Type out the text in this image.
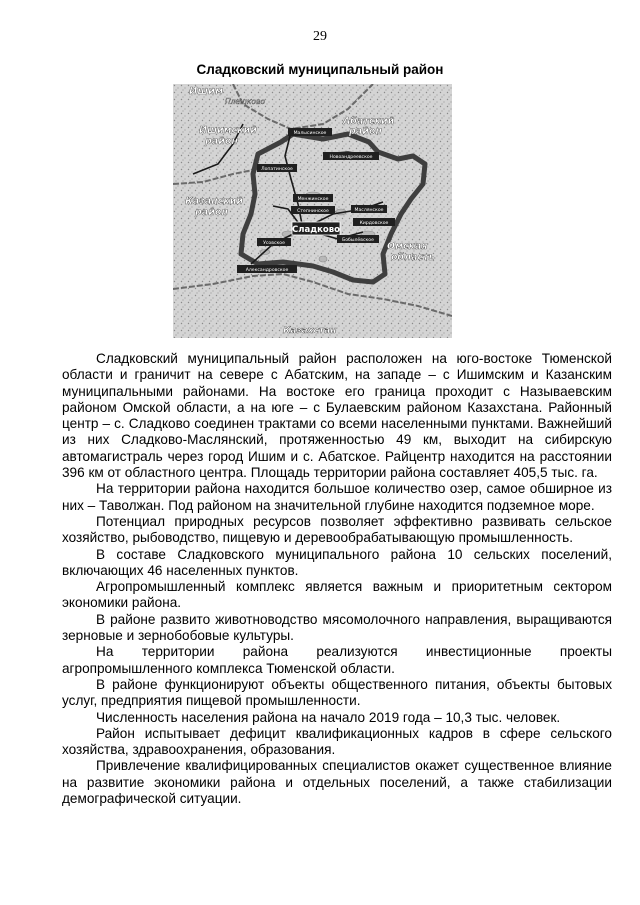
29
Сладковский муниципальный район
Ишим
Плешково
Ишимский район
Абатский район
Казанский район
Омская область
Казахстан
Малысинское
Новоандреевское
Лопатинское
Степнинское	Маслянское
Кирдовское
Сладково
Усовское
Александровское
Бобылёвское
Менжинское

Сладковский муниципальный район расположен на юго-востоке Тюменской области и граничит на севере с Абатским, на западе – с Ишимским и Казанским муниципальными районами. На востоке его граница проходит с Называевским районом Омской области, а на юге – с Булаевским районом Казахстана. Районный центр – с. Сладково соединен трактами со всеми населенными пунктами. Важнейший из них Сладково-Маслянский, протяженностью 49 км, выходит на сибирскую автомагистраль через город Ишим и с. Абатское. Райцентр находится на расстоянии 396 км от областного центра. Площадь территории района составляет 405,5 тыс. га.

На территории района находится большое количество озер, самое обширное из них – Таволжан. Под районом на значительной глубине находится подземное море.

Потенциал природных ресурсов позволяет эффективно развивать сельское хозяйство, рыбоводство, пищевую и деревообрабатывающую промышленность.

В составе Сладковского муниципального района 10 сельских поселений, включающих 46 населенных пунктов.

Агропромышленный комплекс является важным и приоритетным сектором экономики района.

В районе развито животноводство мясомолочного направления, выращиваются зерновые и зернобобовые культуры.

На территории района реализуются инвестиционные проекты агропромышленного комплекса Тюменской области.

В районе функционируют объекты общественного питания, объекты бытовых услуг, предприятия пищевой промышленности.

Численность населения района на начало 2019 года – 10,3 тыс. человек.

Район испытывает дефицит квалификационных кадров в сфере сельского хозяйства, здравоохранения, образования.

Привлечение квалифицированных специалистов окажет существенное влияние на развитие экономики района и отдельных поселений, а также стабилизации демографической ситуации.
